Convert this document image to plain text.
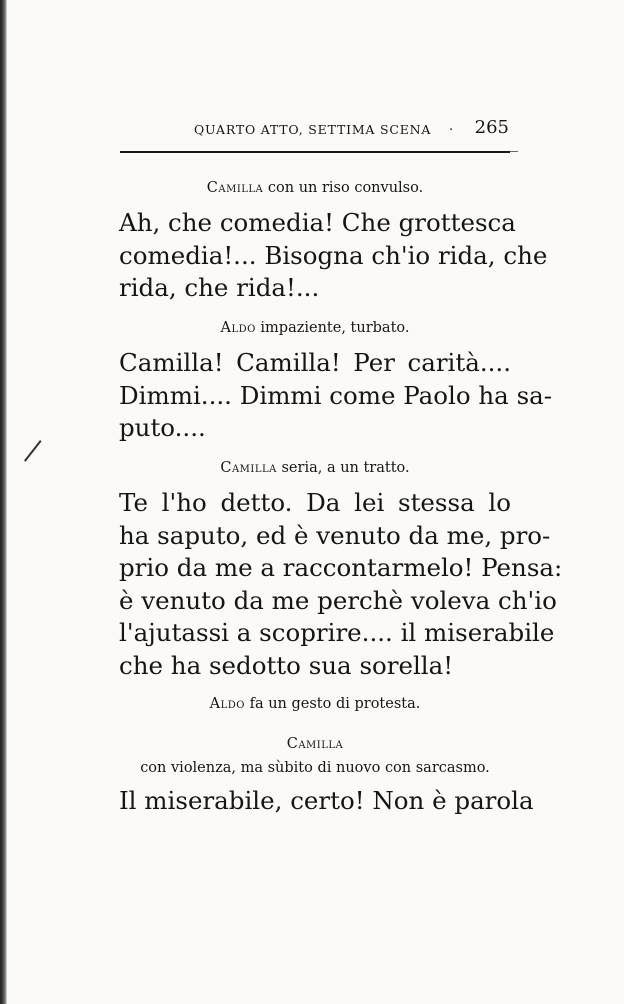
QUARTO ATTO, SETTIMA SCENA . 265
Camilla con un riso convulso.
Ah, che comedia! Che grottesca
comedia!... Bisogna ch'io rida, che
rida, che rida!...
Aldo impaziente, turbato.
Camilla! Camilla! Per carità....
Dimmi.... Dimmi come Paolo ha sa-
puto....
Camilla seria, a un tratto.
Te l'ho detto. Da lei stessa lo
ha saputo, ed è venuto da me, pro-
prio da me a raccontarmelo! Pensa:
è venuto da me perchè voleva ch'io
l'ajutassi a scoprire.... il miserabile
che ha sedotto sua sorella!
Aldo fa un gesto di protesta.
Camilla
con violenza, ma sùbito di nuovo con sarcasmo.
Il miserabile, certo! Non è parola
